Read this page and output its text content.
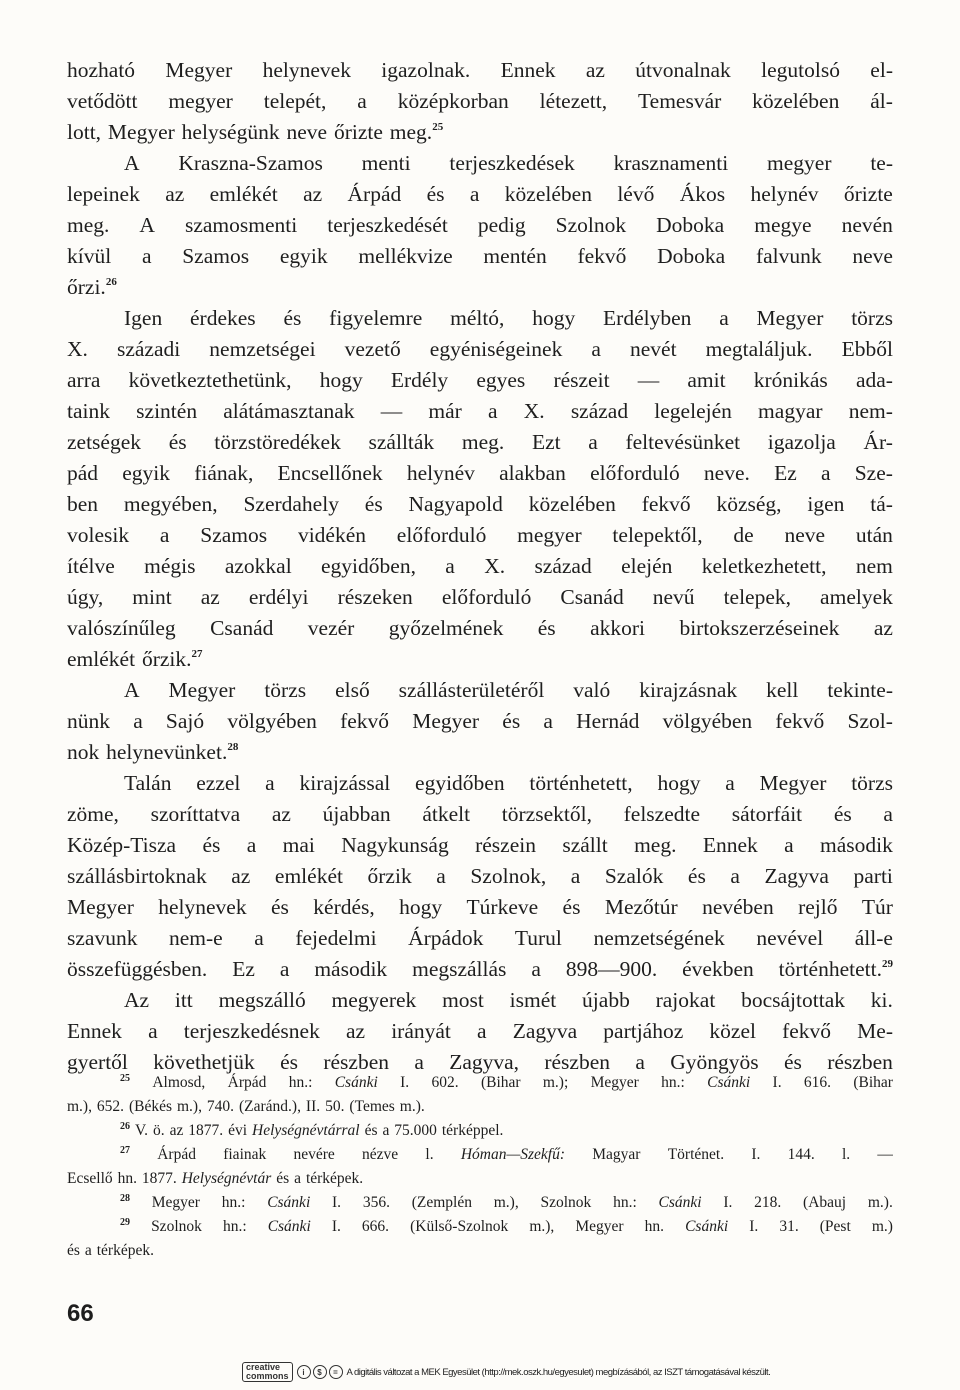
hozható Megyer helynevek igazolnak. Ennek az útvonalnak legutolsó el-
vetődött megyer telepét, a középkorban létezett, Temesvár közelében ál-
lott, Megyer helységünk neve őrizte meg.$^{25}$
A Kraszna-Szamos menti terjeszkedések krasznamenti megyer te-
lepeinek az emlékét az Árpád és a közelében lévő Ákos helynév őrizte
meg. A szamosmenti terjeszkedését pedig Szolnok Doboka megye nevén
kívül a Szamos egyik mellékvize mentén fekvő Doboka falvunk neve
őrzi.$^{26}$
Igen érdekes és figyelemre méltó, hogy Erdélyben a Megyer törzs
X. századi nemzetségei vezető egyéniségeinek a nevét megtaláljuk. Ebből
arra következtethetünk, hogy Erdély egyes részeit — amit krónikás ada-
taink szintén alátámasztanak — már a X. század legelején magyar nem-
zetségek és törzstöredékek szállták meg. Ezt a feltevésünket igazolja Ár-
pád egyik fiának, Encsellőnek helynév alakban előforduló neve. Ez a Sze-
ben megyében, Szerdahely és Nagyapold közelében fekvő község, igen tá-
volesik a Szamos vidékén előforduló megyer telepektől, de neve után
ítélve mégis azokkal egyidőben, a X. század elején keletkezhetett, nem
úgy, mint az erdélyi részeken előforduló Csanád nevű telepek, amelyek
valószínűleg Csanád vezér győzelmének és akkori birtokszerzéseinek az
emlékét őrzik.$^{27}$
A Megyer törzs első szállásterületéről való kirajzásnak kell tekinte-
nünk a Sajó völgyében fekvő Megyer és a Hernád völgyében fekvő Szol-
nok helynevünket.$^{28}$
Talán ezzel a kirajzással egyidőben történhetett, hogy a Megyer törzs
zöme, szoríttatva az újabban átkelt törzsektől, felszedte sátorfáit és a
Közép-Tisza és a mai Nagykunság részein szállt meg. Ennek a második
szállásbirtoknak az emlékét őrzik a Szolnok, a Szalók és a Zagyva parti
Megyer helynevek és kérdés, hogy Túrkeve és Mezőtúr nevében rejlő Túr
szavunk nem-e a fejedelmi Árpádok Turul nemzetségének nevével áll-e
összefüggésben. Ez a második megszállás a 898—900. években történhetett.$^{29}$
Az itt megszálló megyerek most ismét újabb rajokat bocsájtottak ki.
Ennek a terjeszkedésnek az irányát a Zagyva partjához közel fekvő Me-
gyertől követhetjük és részben a Zagyva, részben a Gyöngyös és részben
$^{25}$ Almosd, Árpád hn.: Csánki I. 602. (Bihar m.); Megyer hn.: Csánki I. 616. (Bihar
m.), 652. (Békés m.), 740. (Zaránd.), II. 50. (Temes m.).
$^{26}$ V. ö. az 1877. évi Helységnévtárral és a 75.000 térképpel.
$^{27}$ Árpád fiainak nevére nézve l. Hóman—Szekfű: Magyar Történet. I. 144. l. —
Ecsellő hn. 1877. Helységnévtár és a térképek.
$^{28}$ Megyer hn.: Csánki I. 356. (Zemplén m.), Szolnok hn.: Csánki I. 218. (Abauj m.).
$^{29}$ Szolnok hn.: Csánki I. 666. (Külső-Szolnok m.), Megyer hn. Csánki I. 31. (Pest m.)
és a térképek.
66
creative
commons	i	$	= A digitális változat a MEK Egyesület (http://mek.oszk.hu/egyesulet) megbízásából, az ISZT támogatásával készült.
